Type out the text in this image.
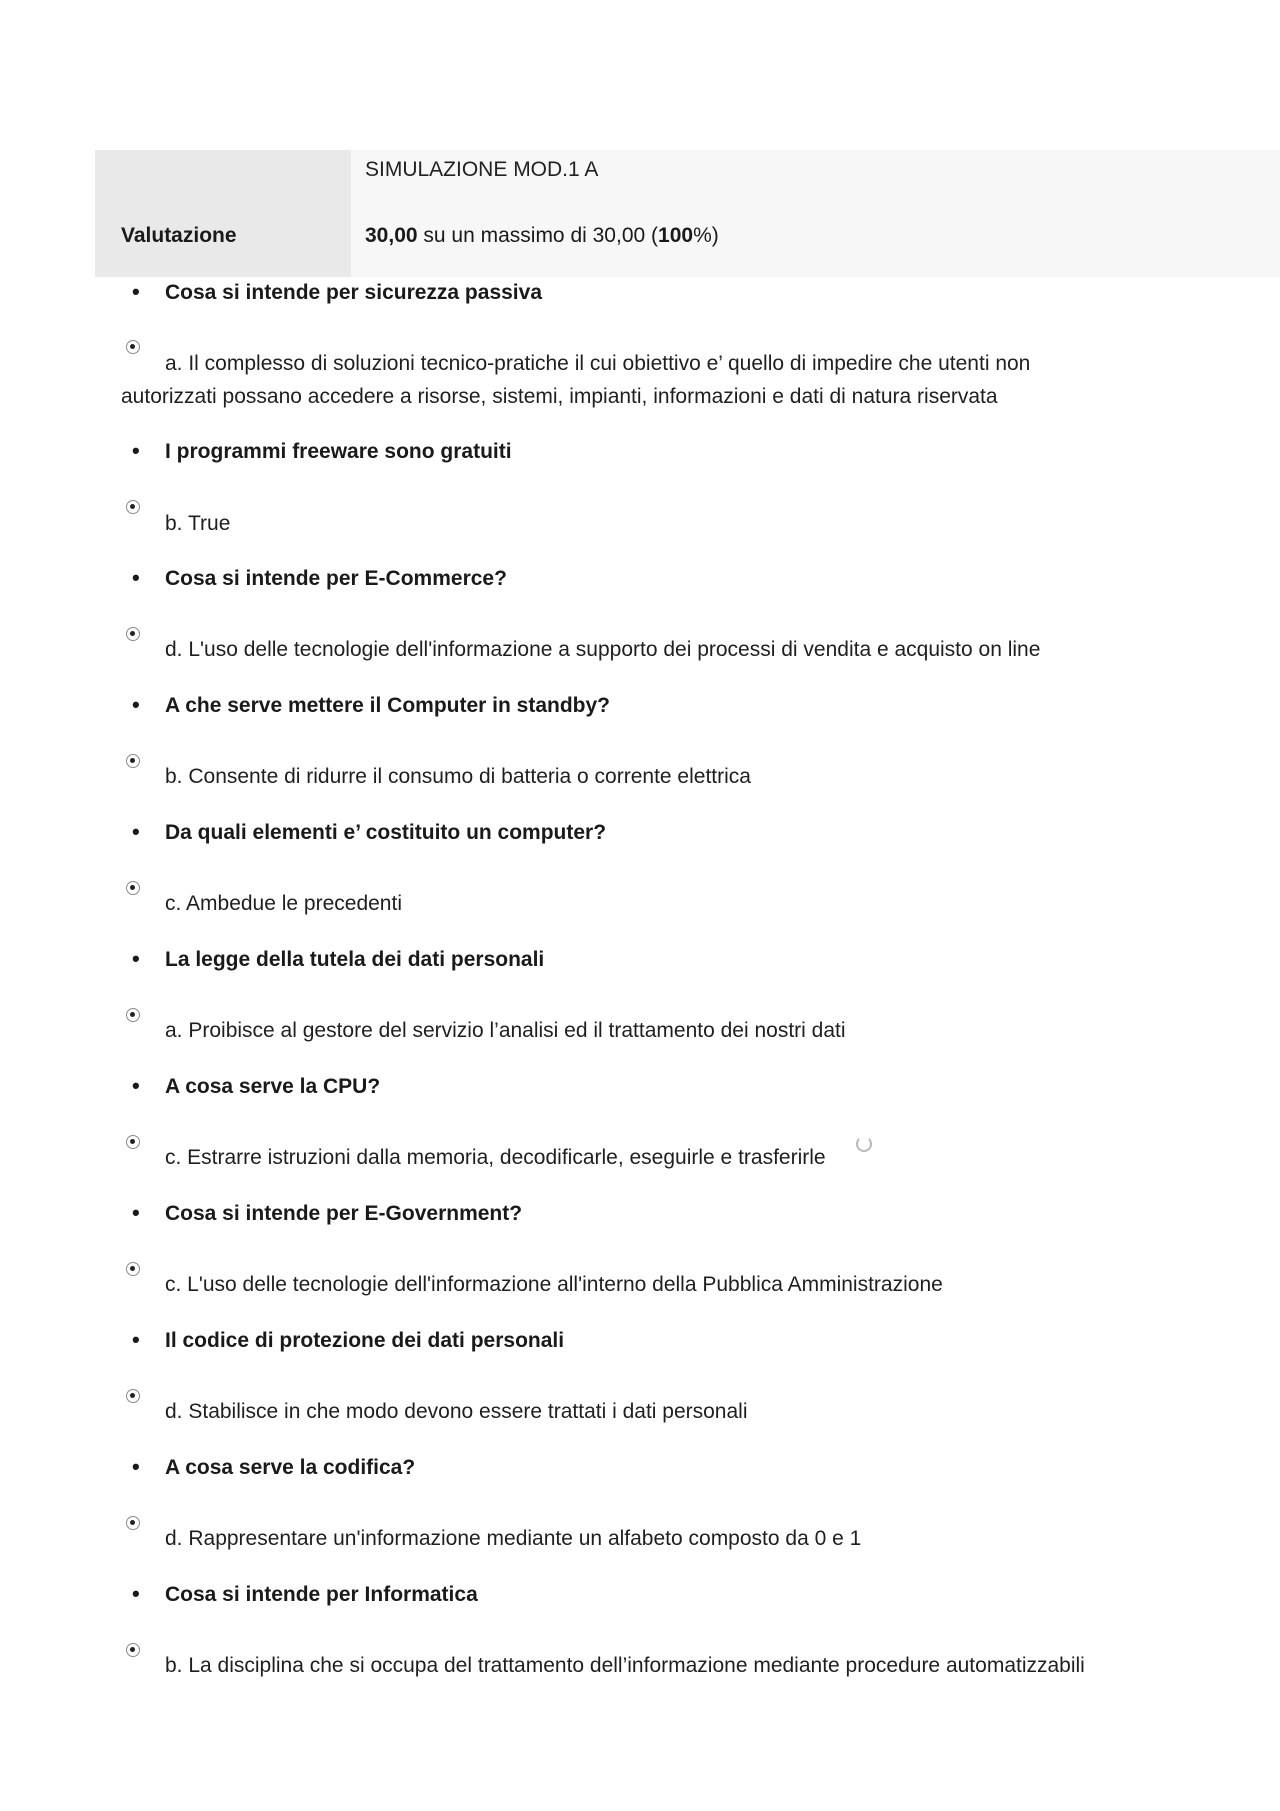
SIMULAZIONE MOD.1 A
Valutazione	30,00 su un massimo di 30,00 (100%)
• Cosa si intende per sicurezza passiva
a. Il complesso di soluzioni tecnico-pratiche il cui obiettivo e’ quello di impedire che utenti non autorizzati possano accedere a risorse, sistemi, impianti, informazioni e dati di natura riservata
• I programmi freeware sono gratuiti
b. True
• Cosa si intende per E-Commerce?
d. L'uso delle tecnologie dell'informazione a supporto dei processi di vendita e acquisto on line
• A che serve mettere il Computer in standby?
b. Consente di ridurre il consumo di batteria o corrente elettrica
• Da quali elementi e’ costituito un computer?
c. Ambedue le precedenti
• La legge della tutela dei dati personali
a. Proibisce al gestore del servizio l’analisi ed il trattamento dei nostri dati
• A cosa serve la CPU?
c. Estrarre istruzioni dalla memoria, decodificarle, eseguirle e trasferirle
• Cosa si intende per E-Government?
c. L'uso delle tecnologie dell'informazione all'interno della Pubblica Amministrazione
• Il codice di protezione dei dati personali
d. Stabilisce in che modo devono essere trattati i dati personali
• A cosa serve la codifica?
d. Rappresentare un'informazione mediante un alfabeto composto da 0 e 1
• Cosa si intende per Informatica
b. La disciplina che si occupa del trattamento dell’informazione mediante procedure automatizzabili
